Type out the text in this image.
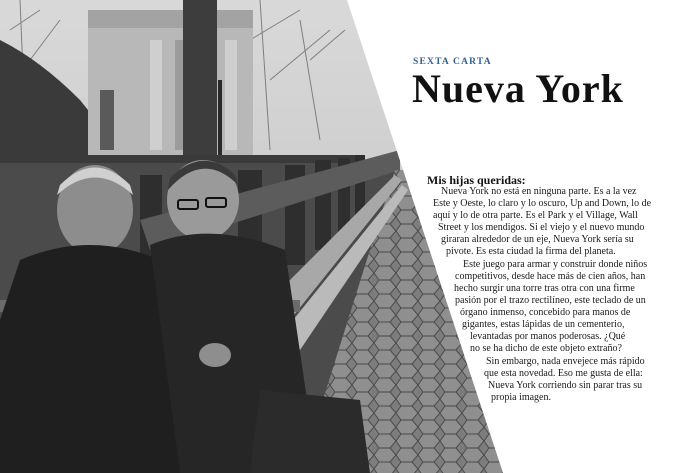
SEXTA CARTA
Nueva York
Mis hijas queridas:
Nueva York no está en ninguna parte. Es a la vez
Este y Oeste, lo claro y lo oscuro, Up and Down, lo de
aquí y lo de otra parte. Es el Park y el Village, Wall
Street y los mendigos. Si el viejo y el nuevo mundo
giraran alrededor de un eje, Nueva York sería su
pivote. Es esta ciudad la firma del planeta.
Este juego para armar y construir donde niños
competitivos, desde hace más de cien años, han
hecho surgir una torre tras otra con una firme
pasión por el trazo rectilíneo, este teclado de un
órgano inmenso, concebido para manos de
gigantes, estas lápidas de un cementerio,
levantadas por manos poderosas. ¿Qué
no se ha dicho de este objeto extraño?
Sin embargo, nada envejece más rápido
que esta novedad. Eso me gusta de ella:
Nueva York corriendo sin parar tras su
propia imagen.
